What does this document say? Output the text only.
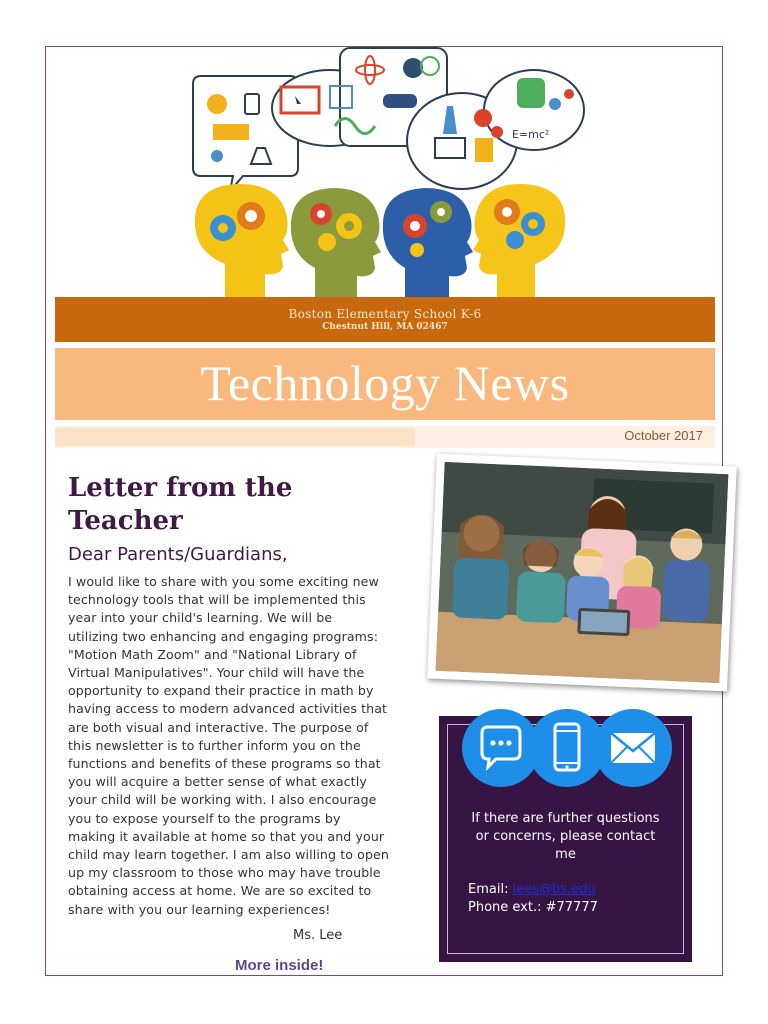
E=mc²
Boston Elementary School K-6
Chestnut Hill, MA 02467
Technology News
October 2017
Letter from the
Teacher
Dear Parents/Guardians,
I would like to share with you some exciting new
technology tools that will be implemented this
year into your child's learning. We will be
utilizing two enhancing and engaging programs:
"Motion Math Zoom" and "National Library of
Virtual Manipulatives". Your child will have the
opportunity to expand their practice in math by
having access to modern advanced activities that
are both visual and interactive. The purpose of
this newsletter is to further inform you on the
functions and benefits of these programs so that
you will acquire a better sense of what exactly
your child will be working with. I also encourage
you to expose yourself to the programs by
making it available at home so that you and your
child may learn together. I am also willing to open
up my classroom to those who may have trouble
obtaining access at home. We are so excited to
share with you our learning experiences!
Ms. Lee
More inside!
If there are further questions or concerns, please contact me
Email: lees@bs.edu
Phone ext.: #77777
